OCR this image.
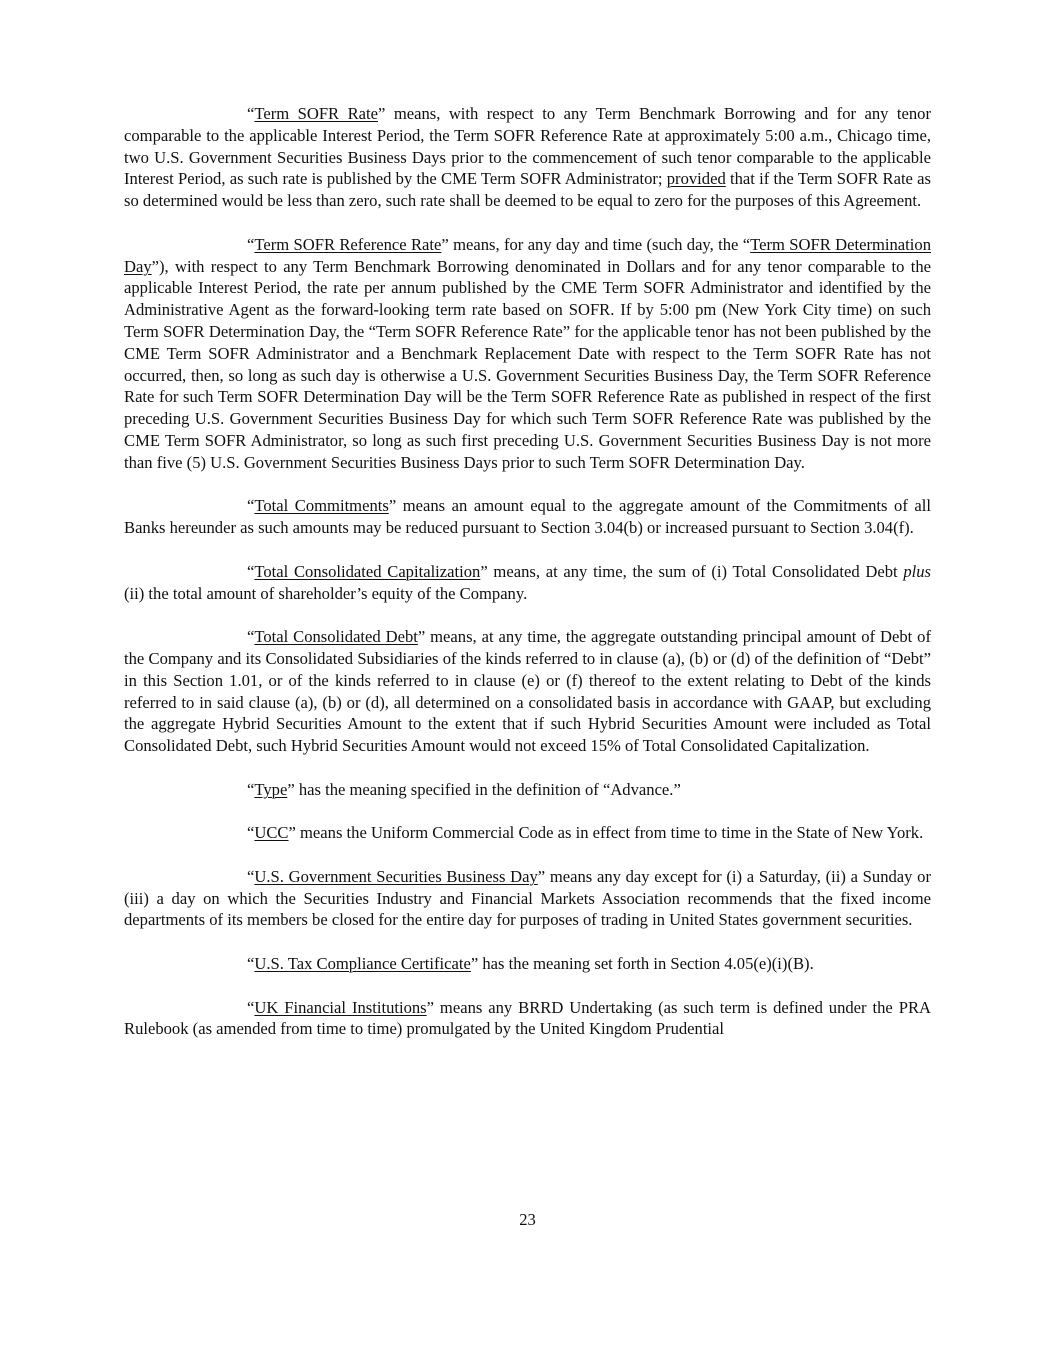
“Term SOFR Rate” means, with respect to any Term Benchmark Borrowing and for any tenor comparable to the applicable Interest Period, the Term SOFR Reference Rate at approximately 5:00 a.m., Chicago time, two U.S. Government Securities Business Days prior to the commencement of such tenor comparable to the applicable Interest Period, as such rate is published by the CME Term SOFR Administrator; provided that if the Term SOFR Rate as so determined would be less than zero, such rate shall be deemed to be equal to zero for the purposes of this Agreement.

“Term SOFR Reference Rate” means, for any day and time (such day, the “Term SOFR Determination Day”), with respect to any Term Benchmark Borrowing denominated in Dollars and for any tenor comparable to the applicable Interest Period, the rate per annum published by the CME Term SOFR Administrator and identified by the Administrative Agent as the forward-looking term rate based on SOFR. If by 5:00 pm (New York City time) on such Term SOFR Determination Day, the “Term SOFR Reference Rate” for the applicable tenor has not been published by the CME Term SOFR Administrator and a Benchmark Replacement Date with respect to the Term SOFR Rate has not occurred, then, so long as such day is otherwise a U.S. Government Securities Business Day, the Term SOFR Reference Rate for such Term SOFR Determination Day will be the Term SOFR Reference Rate as published in respect of the first preceding U.S. Government Securities Business Day for which such Term SOFR Reference Rate was published by the CME Term SOFR Administrator, so long as such first preceding U.S. Government Securities Business Day is not more than five (5) U.S. Government Securities Business Days prior to such Term SOFR Determination Day.

“Total Commitments” means an amount equal to the aggregate amount of the Commitments of all Banks hereunder as such amounts may be reduced pursuant to Section 3.04(b) or increased pursuant to Section 3.04(f).

“Total Consolidated Capitalization” means, at any time, the sum of (i) Total Consolidated Debt plus (ii) the total amount of shareholder’s equity of the Company.

“Total Consolidated Debt” means, at any time, the aggregate outstanding principal amount of Debt of the Company and its Consolidated Subsidiaries of the kinds referred to in clause (a), (b) or (d) of the definition of “Debt” in this Section 1.01, or of the kinds referred to in clause (e) or (f) thereof to the extent relating to Debt of the kinds referred to in said clause (a), (b) or (d), all determined on a consolidated basis in accordance with GAAP, but excluding the aggregate Hybrid Securities Amount to the extent that if such Hybrid Securities Amount were included as Total Consolidated Debt, such Hybrid Securities Amount would not exceed 15% of Total Consolidated Capitalization.

“Type” has the meaning specified in the definition of “Advance.”

“UCC” means the Uniform Commercial Code as in effect from time to time in the State of New York.

“U.S. Government Securities Business Day” means any day except for (i) a Saturday, (ii) a Sunday or (iii) a day on which the Securities Industry and Financial Markets Association recommends that the fixed income departments of its members be closed for the entire day for purposes of trading in United States government securities.

“U.S. Tax Compliance Certificate” has the meaning set forth in Section 4.05(e)(i)(B).

“UK Financial Institutions” means any BRRD Undertaking (as such term is defined under the PRA Rulebook (as amended from time to time) promulgated by the United Kingdom Prudential

23
